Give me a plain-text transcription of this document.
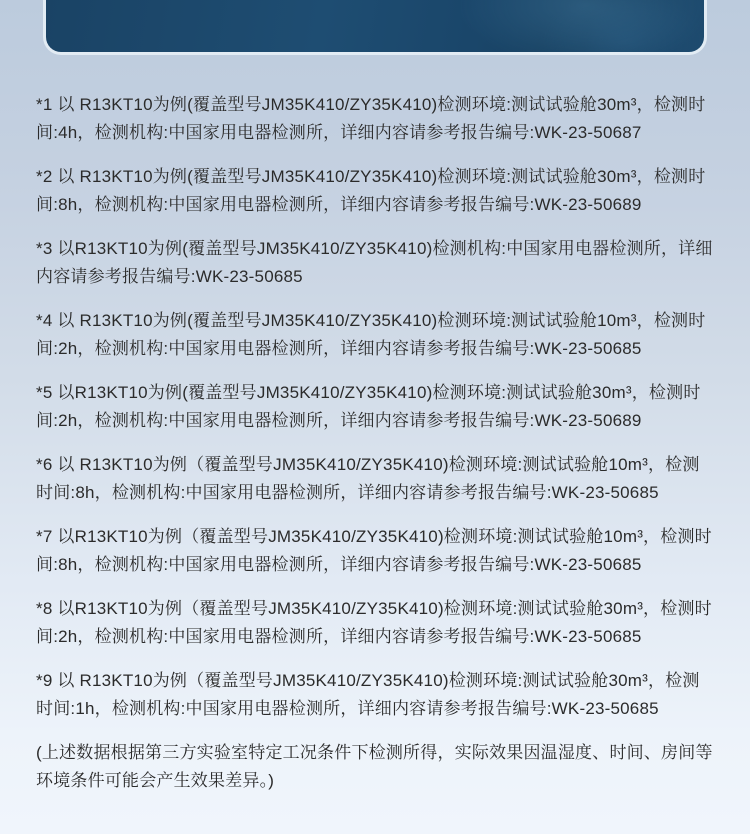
*1 以 R13KT10为例(覆盖型号JM35K410/ZY35K410)检测环境:测试试验舱30m³，检测时间:4h，检测机构:中国家用电器检测所，详细内容请参考报告编号:WK-23-50687

*2 以 R13KT10为例(覆盖型号JM35K410/ZY35K410)检测环境:测试试验舱30m³，检测时间:8h，检测机构:中国家用电器检测所，详细内容请参考报告编号:WK-23-50689

*3 以R13KT10为例(覆盖型号JM35K410/ZY35K410)检测机构:中国家用电器检测所，详细内容请参考报告编号:WK-23-50685

*4 以 R13KT10为例(覆盖型号JM35K410/ZY35K410)检测环境:测试试验舱10m³，检测时间:2h，检测机构:中国家用电器检测所，详细内容请参考报告编号:WK-23-50685

*5 以R13KT10为例(覆盖型号JM35K410/ZY35K410)检测环境:测试试验舱30m³，检测时间:2h，检测机构:中国家用电器检测所，详细内容请参考报告编号:WK-23-50689

*6 以 R13KT10为例（覆盖型号JM35K410/ZY35K410)检测环境:测试试验舱10m³，检测时间:8h，检测机构:中国家用电器检测所，详细内容请参考报告编号:WK-23-50685

*7 以R13KT10为例（覆盖型号JM35K410/ZY35K410)检测环境:测试试验舱10m³，检测时间:8h，检测机构:中国家用电器检测所，详细内容请参考报告编号:WK-23-50685

*8 以R13KT10为例（覆盖型号JM35K410/ZY35K410)检测环境:测试试验舱30m³，检测时间:2h，检测机构:中国家用电器检测所，详细内容请参考报告编号:WK-23-50685

*9 以 R13KT10为例（覆盖型号JM35K410/ZY35K410)检测环境:测试试验舱30m³，检测时间:1h，检测机构:中国家用电器检测所，详细内容请参考报告编号:WK-23-50685

(上述数据根据第三方实验室特定工况条件下检测所得，实际效果因温湿度、时间、房间等环境条件可能会产生效果差异。)
